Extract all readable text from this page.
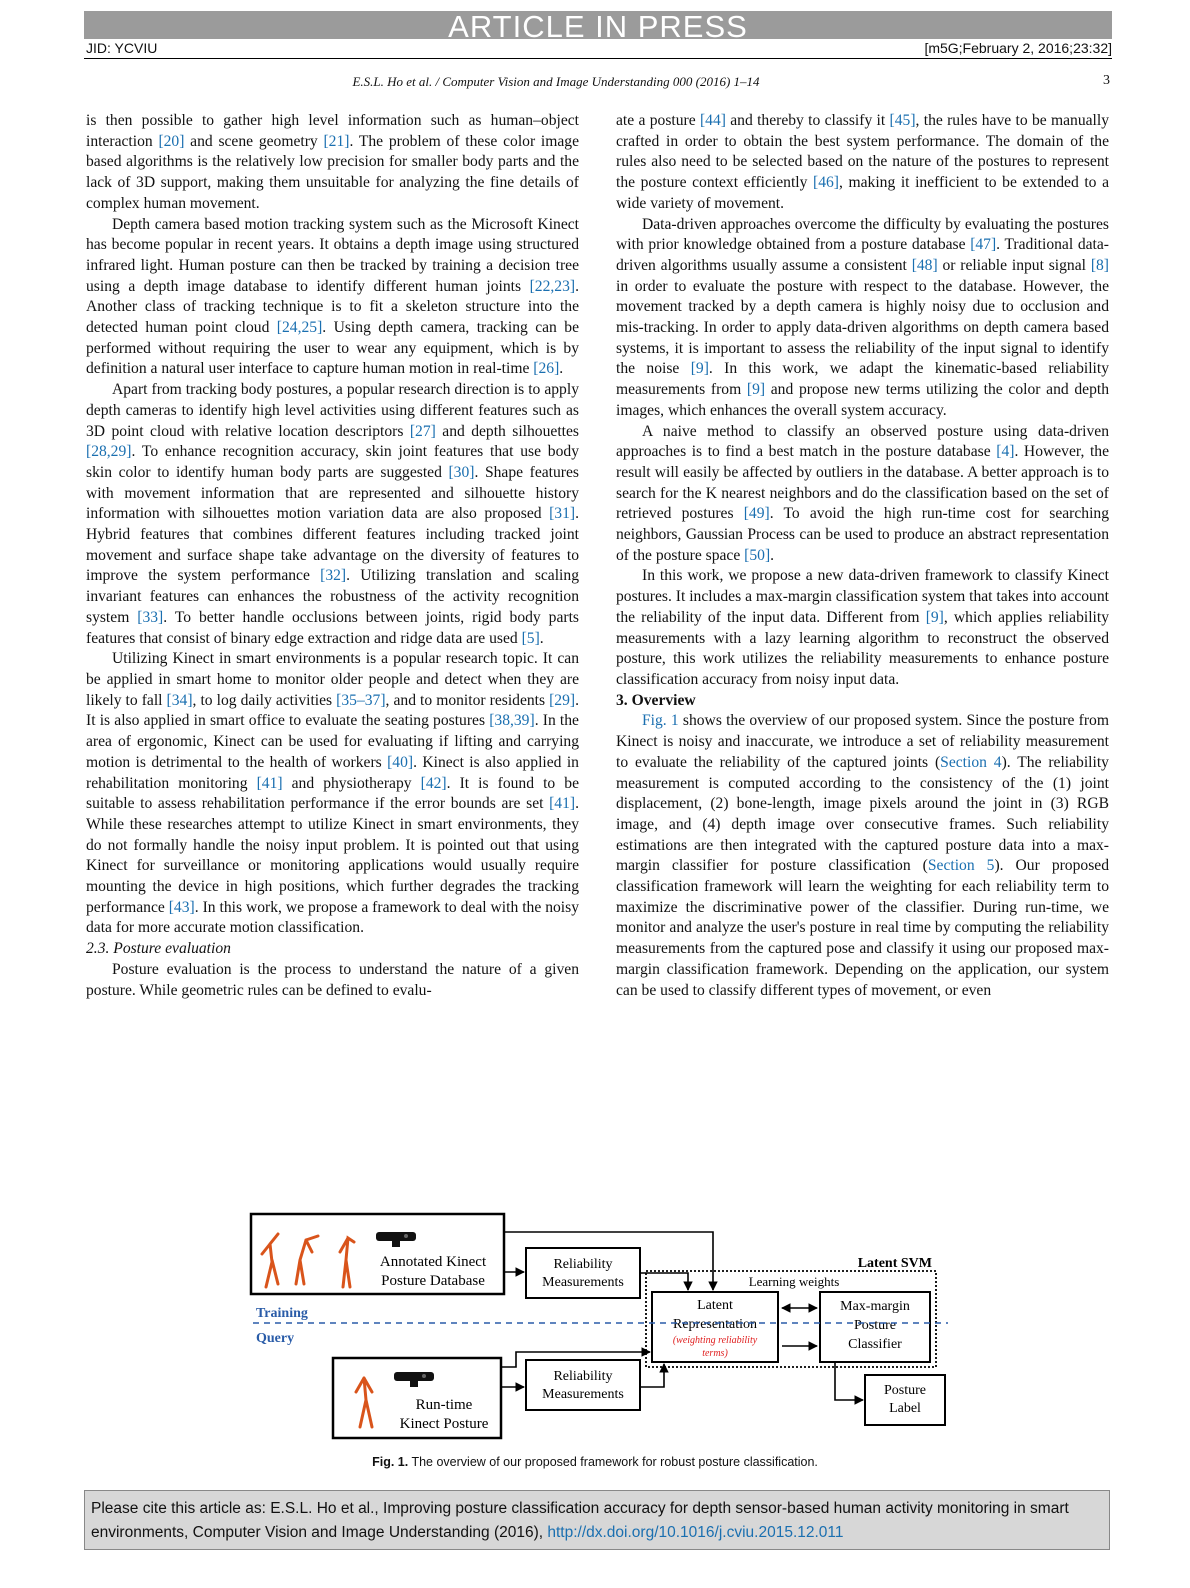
ARTICLE IN PRESS
JID: YCVIU	[m5G;February 2, 2016;23:32]
E.S.L. Ho et al. / Computer Vision and Image Understanding 000 (2016) 1–14	3

is then possible to gather high level information such as human–object interaction [20] and scene geometry [21]. The problem of these color image based algorithms is the relatively low precision for smaller body parts and the lack of 3D support, making them unsuitable for analyzing the fine details of complex human movement.

Depth camera based motion tracking system such as the Microsoft Kinect has become popular in recent years. It obtains a depth image using structured infrared light. Human posture can then be tracked by training a decision tree using a depth image database to identify different human joints [22,23]. Another class of tracking technique is to fit a skeleton structure into the detected human point cloud [24,25]. Using depth camera, tracking can be performed without requiring the user to wear any equipment, which is by definition a natural user interface to capture human motion in real-time [26].

Apart from tracking body postures, a popular research direction is to apply depth cameras to identify high level activities using different features such as 3D point cloud with relative location descriptors [27] and depth silhouettes [28,29]. To enhance recognition accuracy, skin joint features that use body skin color to identify human body parts are suggested [30]. Shape features with movement information that are represented and silhouette history information with silhouettes motion variation data are also proposed [31]. Hybrid features that combines different features including tracked joint movement and surface shape take advantage on the diversity of features to improve the system performance [32]. Utilizing translation and scaling invariant features can enhances the robustness of the activity recognition system [33]. To better handle occlusions between joints, rigid body parts features that consist of binary edge extraction and ridge data are used [5].

Utilizing Kinect in smart environments is a popular research topic. It can be applied in smart home to monitor older people and detect when they are likely to fall [34], to log daily activities [35–37], and to monitor residents [29]. It is also applied in smart office to evaluate the seating postures [38,39]. In the area of ergonomic, Kinect can be used for evaluating if lifting and carrying motion is detrimental to the health of workers [40]. Kinect is also applied in rehabilitation monitoring [41] and physiotherapy [42]. It is found to be suitable to assess rehabilitation performance if the error bounds are set [41]. While these researches attempt to utilize Kinect in smart environments, they do not formally handle the noisy input problem. It is pointed out that using Kinect for surveillance or monitoring applications would usually require mounting the device in high positions, which further degrades the tracking performance [43]. In this work, we propose a framework to deal with the noisy data for more accurate motion classification.

2.3. Posture evaluation

Posture evaluation is the process to understand the nature of a given posture. While geometric rules can be defined to evalu-

ate a posture [44] and thereby to classify it [45], the rules have to be manually crafted in order to obtain the best system performance. The domain of the rules also need to be selected based on the nature of the postures to represent the posture context efficiently [46], making it inefficient to be extended to a wide variety of movement.

Data-driven approaches overcome the difficulty by evaluating the postures with prior knowledge obtained from a posture database [47]. Traditional data-driven algorithms usually assume a consistent [48] or reliable input signal [8] in order to evaluate the posture with respect to the database. However, the movement tracked by a depth camera is highly noisy due to occlusion and mis-tracking. In order to apply data-driven algorithms on depth camera based systems, it is important to assess the reliability of the input signal to identify the noise [9]. In this work, we adapt the kinematic-based reliability measurements from [9] and propose new terms utilizing the color and depth images, which enhances the overall system accuracy.

A naive method to classify an observed posture using data-driven approaches is to find a best match in the posture database [4]. However, the result will easily be affected by outliers in the database. A better approach is to search for the K nearest neighbors and do the classification based on the set of retrieved postures [49]. To avoid the high run-time cost for searching neighbors, Gaussian Process can be used to produce an abstract representation of the posture space [50].

In this work, we propose a new data-driven framework to classify Kinect postures. It includes a max-margin classification system that takes into account the reliability of the input data. Different from [9], which applies reliability measurements with a lazy learning algorithm to reconstruct the observed posture, this work utilizes the reliability measurements to enhance posture classification accuracy from noisy input data.

3. Overview

Fig. 1 shows the overview of our proposed system. Since the posture from Kinect is noisy and inaccurate, we introduce a set of reliability measurement to evaluate the reliability of the captured joints (Section 4). The reliability measurement is computed according to the consistency of the (1) joint displacement, (2) bone-length, image pixels around the joint in (3) RGB image, and (4) depth image over consecutive frames. Such reliability estimations are then integrated with the captured posture data into a max-margin classifier for posture classification (Section 5). Our proposed classification framework will learn the weighting for each reliability term to maximize the discriminative power of the classifier. During run-time, we monitor and analyze the user's posture in real time by computing the reliability measurements from the captured pose and classify it using our proposed max-margin classification framework. Depending on the application, our system can be used to classify different types of movement, or even

Annotated Kinect
Posture Database
Reliability
Measurements
Latent SVM
Learning weights
Latent
Representation
(weighting reliability
terms)
Max-margin
Posture
Classifier
Training
Query
Run-time
Kinect Posture
Reliability
Measurements	Posture
Label
Fig. 1. The overview of our proposed framework for robust posture classification.
Please cite this article as: E.S.L. Ho et al., Improving posture classification accuracy for depth sensor-based human activity monitoring in smart environments, Computer Vision and Image Understanding (2016), http://dx.doi.org/10.1016/j.cviu.2015.12.011
